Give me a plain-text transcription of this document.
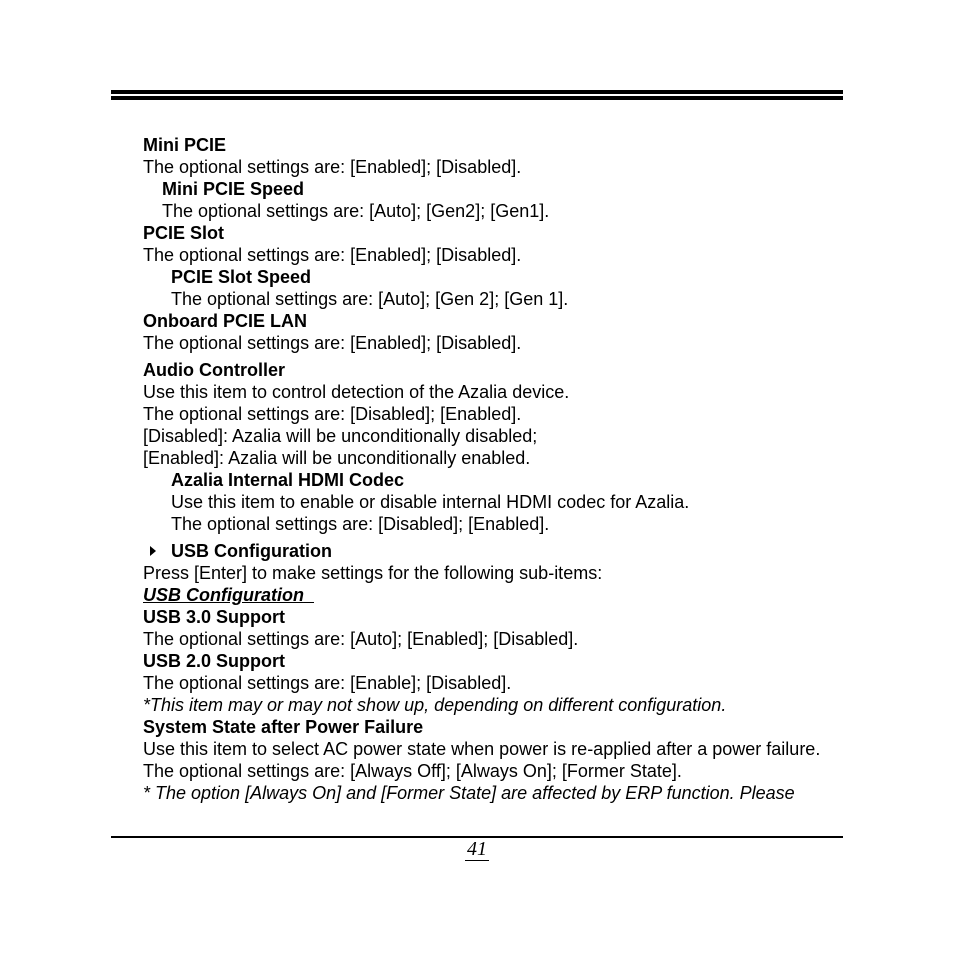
Mini PCIE
The optional settings are: [Enabled]; [Disabled].
Mini PCIE Speed
The optional settings are: [Auto]; [Gen2]; [Gen1].
PCIE Slot
The optional settings are: [Enabled]; [Disabled].
PCIE Slot Speed
The optional settings are: [Auto]; [Gen 2]; [Gen 1].
Onboard PCIE LAN
The optional settings are: [Enabled]; [Disabled].
Audio Controller
Use this item to control detection of the Azalia device.
The optional settings are: [Disabled]; [Enabled].
[Disabled]: Azalia will be unconditionally disabled;
[Enabled]: Azalia will be unconditionally enabled.
Azalia Internal HDMI Codec
Use this item to enable or disable internal HDMI codec for Azalia.
The optional settings are: [Disabled]; [Enabled].
USB Configuration
Press [Enter] to make settings for the following sub-items:
USB Configuration
USB 3.0 Support
The optional settings are: [Auto]; [Enabled]; [Disabled].
USB 2.0 Support
The optional settings are: [Enable]; [Disabled].
*This item may or may not show up, depending on different configuration.
System State after Power Failure
Use this item to select AC power state when power is re-applied after a power failure.
The optional settings are: [Always Off]; [Always On]; [Former State].
* The option [Always On] and [Former State] are affected by ERP function. Please
41
